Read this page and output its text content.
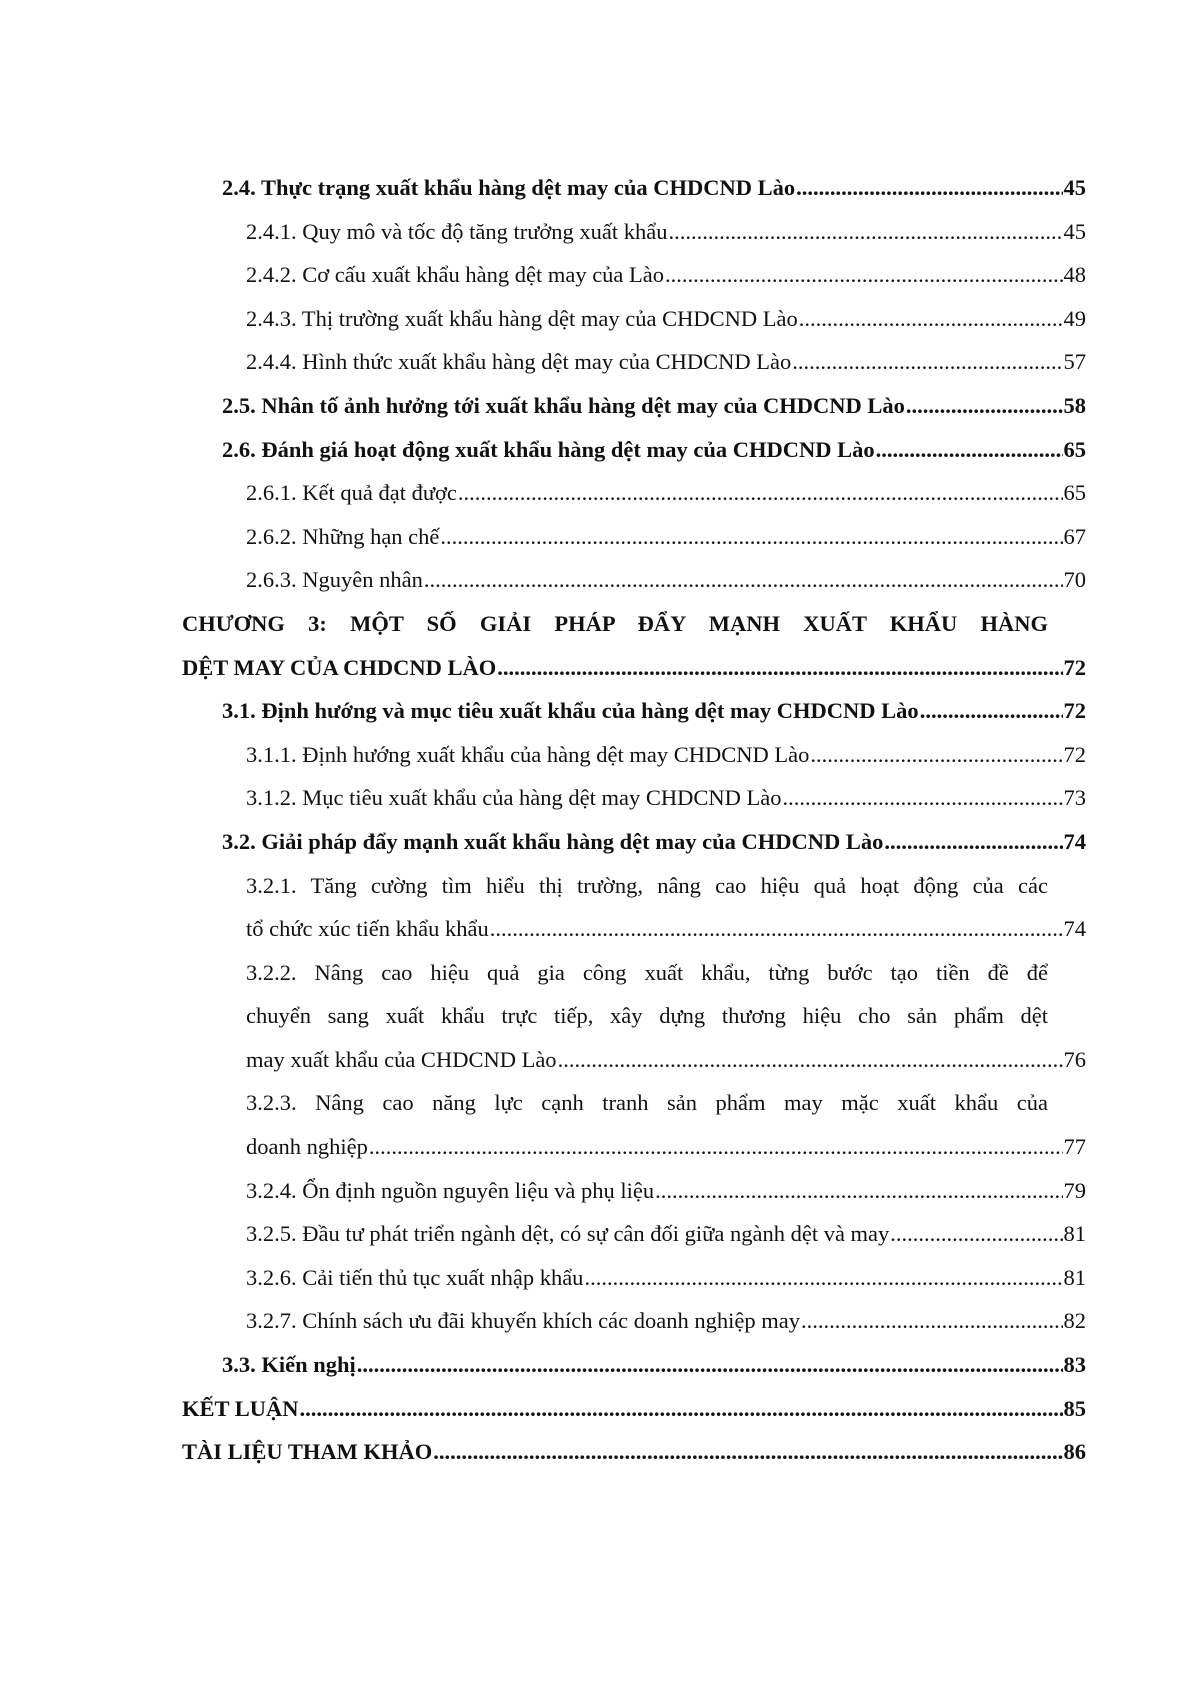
2.4. Thực trạng xuất khẩu hàng dệt may của CHDCND Lào .....	45
2.4.1. Quy mô và tốc độ tăng trưởng xuất khẩu .....	45
2.4.2. Cơ cấu xuất khẩu hàng dệt may của Lào .....	48
2.4.3. Thị trường xuất khẩu hàng dệt may của CHDCND Lào .....	49
2.4.4. Hình thức xuất khẩu hàng dệt may của CHDCND Lào .....	57
2.5. Nhân tố ảnh hưởng tới xuất khẩu hàng dệt may của CHDCND Lào .....	58
2.6. Đánh giá hoạt động xuất khẩu hàng dệt may của CHDCND Lào .....	65
2.6.1. Kết quả đạt được .....	65
2.6.2. Những hạn chế .....	67
2.6.3. Nguyên nhân .....	70
CHƯƠNG 3: MỘT SỐ GIẢI PHÁP ĐẨY MẠNH XUẤT KHẨU HÀNG
DỆT MAY CỦA CHDCND LÀO .....	72
3.1. Định hướng và mục tiêu xuất khẩu của hàng dệt may CHDCND Lào .....	72
3.1.1. Định hướng xuất khẩu của hàng dệt may CHDCND Lào .....	72
3.1.2. Mục tiêu xuất khẩu của hàng dệt may CHDCND Lào .....	73
3.2. Giải pháp đẩy mạnh xuất khẩu hàng dệt may của CHDCND Lào .....	74
3.2.1. Tăng cường tìm hiểu thị trường, nâng cao hiệu quả hoạt động của các
tổ chức xúc tiến khẩu khẩu .....	74
3.2.2. Nâng cao hiệu quả gia công xuất khẩu, từng bước tạo tiền đề để
chuyển sang xuất khẩu trực tiếp, xây dựng thương hiệu cho sản phẩm dệt
may xuất khẩu của CHDCND Lào .....	76
3.2.3. Nâng cao năng lực cạnh tranh sản phẩm may mặc xuất khẩu của
doanh nghiệp .....	77
3.2.4. Ổn định nguồn nguyên liệu và phụ liệu .....	79
3.2.5. Đầu tư phát triển ngành dệt, có sự cân đối giữa ngành dệt và may .....	81
3.2.6. Cải tiến thủ tục xuất nhập khẩu .....	81
3.2.7. Chính sách ưu đãi khuyến khích các doanh nghiệp may .....	82
3.3. Kiến nghị .....	83
KẾT LUẬN .....	85
TÀI LIỆU THAM KHẢO .....	86
